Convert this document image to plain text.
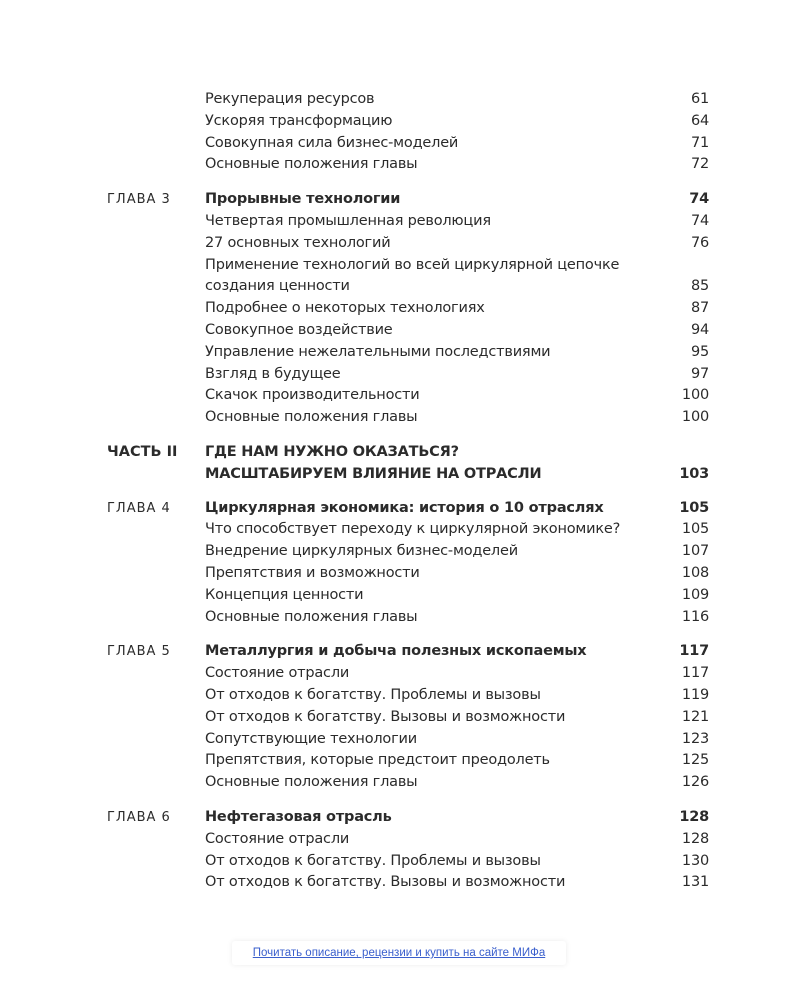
Рекуперация ресурсов	61
Ускоряя трансформацию	64
Совокупная сила бизнес-моделей	71
Основные положения главы	72
ГЛАВА 3	Прорывные технологии	74
Четвертая промышленная революция	74
27 основных технологий	76
Применение технологий во всей циркулярной цепочке
создания ценности	85
Подробнее о некоторых технологиях	87
Совокупное воздействие	94
Управление нежелательными последствиями	95
Взгляд в будущее	97
Скачок производительности	100
Основные положения главы	100
ЧАСТЬ II	ГДЕ НАМ НУЖНО ОКАЗАТЬСЯ?
МАСШТАБИРУЕМ ВЛИЯНИЕ НА ОТРАСЛИ	103
ГЛАВА 4	Циркулярная экономика: история о 10 отраслях	105
Что способствует переходу к циркулярной экономике?	105
Внедрение циркулярных бизнес-моделей	107
Препятствия и возможности	108
Концепция ценности	109
Основные положения главы	116
ГЛАВА 5	Металлургия и добыча полезных ископаемых	117
Состояние отрасли	117
От отходов к богатству. Проблемы и вызовы	119
От отходов к богатству. Вызовы и возможности	121
Сопутствующие технологии	123
Препятствия, которые предстоит преодолеть	125
Основные положения главы	126
ГЛАВА 6	Нефтегазовая отрасль	128
Состояние отрасли	128
От отходов к богатству. Проблемы и вызовы	130
От отходов к богатству. Вызовы и возможности	131
Почитать описание, рецензии и купить на сайте МИФа
